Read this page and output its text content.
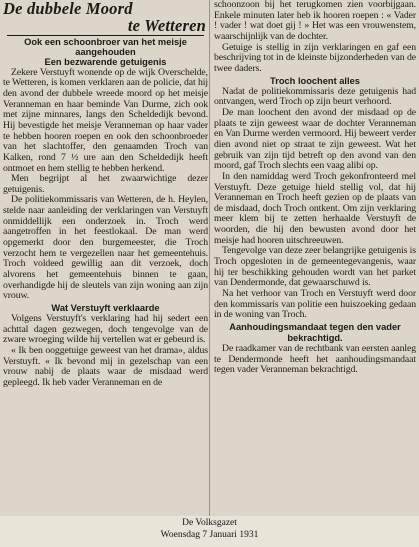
De dubbele Moord
te Wetteren

Ook een schoonbroer van het meisje

aangehouden

Een bezwarende getuigenis

Zekere Verstuyft wonende op de wijk Overschelde, te Wetteren, is komen verklaren aan de policie, dat hij den avond der dubbele wreede moord op het meisje Veranneman en haar beminde Van Durme, zich ook met zijne minnares, langs den Scheldedijk bevond. Hij bevestigde het meisje Veranneman op haar vader te hebben hooren roepen en ook den schoonbroeder van het slachtoffer, den genaamden Troch van Kalken, rond 7 ½ ure aan den Scheldedijk heeft ontmoet en hem stellig te hebben herkend.

Men begrijpt al het zwaarwichtige dezer getuigenis.

De politiekommissaris van Wetteren, de h. Heylen, stelde naar aanleiding der verklaringen van Verstuyft onmiddellijk een onderzoek in. Troch werd aangetroffen in het feestlokaal. De man werd opgemerkt door den burgemeester, die Troch verzocht hem te vergezellen naar het gemeentehuis. Troch voldeed gewillig aan dit verzoek, doch alvorens het gemeentehuis binnen te gaan, overhandigde hij de sleutels van zijn woning aan zijn vrouw.

Wat Verstuyft verklaarde

Volgens Verstuyft's verklaring had hij sedert een achttal dagen gezwegen, doch tengevolge van de zware wroeging wilde hij vertellen wat er gebeurd is.

« Ik ben ooggetuige geweest van het drama», aldus Verstuyft. « Ik bevond mij in gezelschap van een vrouw nabij de plaats waar de misdaad werd gepleegd. Ik heb vader Veranneman en de

schoonzoon bij het terugkomen zien voorbijgaan. Enkele minuten later heb ik hooren roepen : « Vader ! vader ! wat doet gij ! » Het was een vrouwenstem, waarschijnlijk van de dochter.

Getuige is stellig in zijn verklaringen en gaf een beschrijving tot in de kleinste bijzonderheden van de twee daders.

Troch loochent alles

Nadat de politiekommissaris deze getuigenis had ontvangen, werd Troch op zijn beurt verhoord.

De man loochent den avond der misdaad op de plaats te zijn geweest waar de dochter Veranneman en Van Durme werden vermoord. Hij beweert verder dien avond niet op straat te zijn geweest. Wat het gebruik van zijn tijd betreft op den avond van den moord, gaf Troch slechts een vaag alibi op.

In den namiddag werd Troch gekonfronteerd mel Verstuyft. Deze getuige hield stellig vol, dat hij Veranneman en Troch heeft gezien op de plaats van de misdaad, doch Troch ontkent. Om zijn verklaring meer klem bij te zetten herhaalde Verstuyft de woorden, die hij den bewusten avond door het meisje had hooren uitschreeuwen.

Tengevolge van deze zeer belangrijke getuigenis is Troch opgesloten in de gemeentegevangenis, waar hij ter beschikking gehouden wordt van het parket van Dendermonde, dat gewaarschuwd is.

Na het verhoor van Troch en Verstuyft werd door den kommissaris van politie een huiszoeking gedaan in de woning van Troch.

Aanhoudingsmandaat tegen den vader

bekrachtigd.

De raadkamer van de rechtbank van eersten aanleg te Dendermonde heeft het aanhoudingsmandaat tegen vader Veranneman bekrachtigd.

De Volksgazet
Woensdag 7 Januari 1931
